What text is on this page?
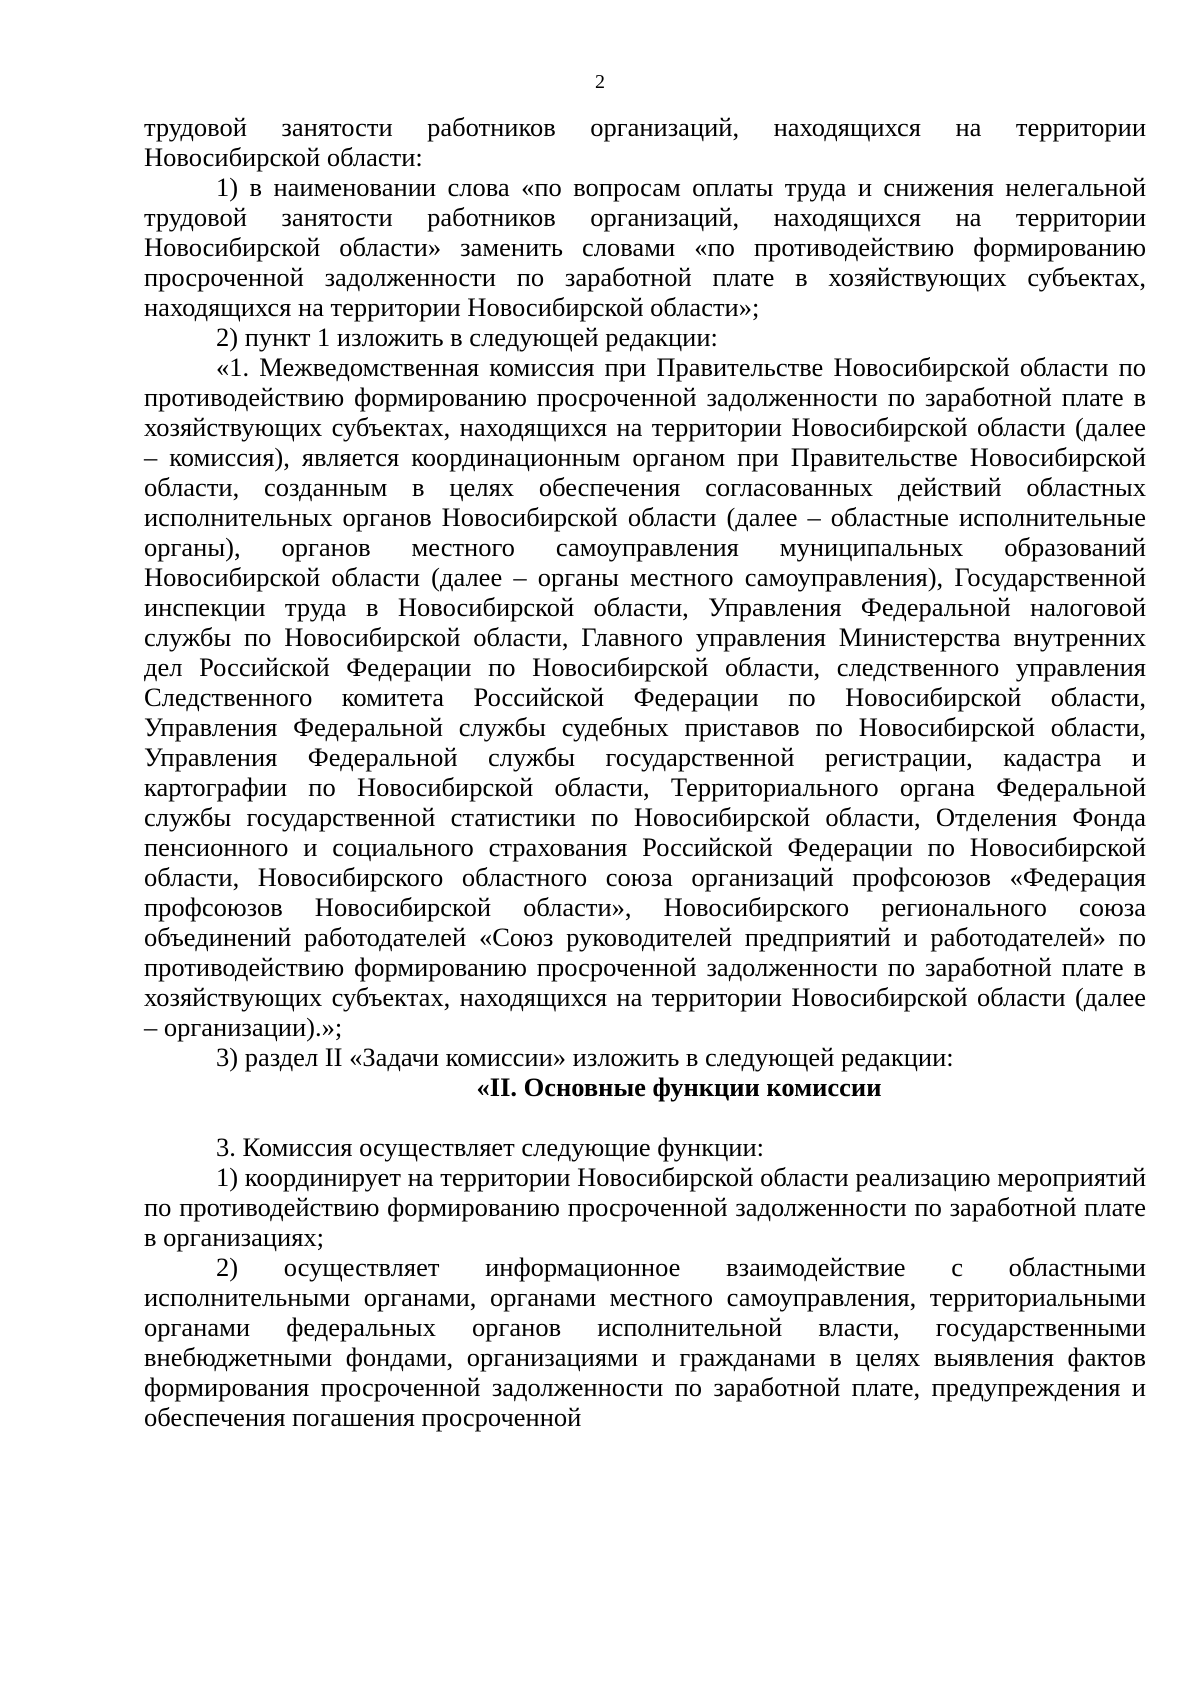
2

трудовой занятости работников организаций, находящихся на территории Новосибирской области:

1) в наименовании слова «по вопросам оплаты труда и снижения нелегальной трудовой занятости работников организаций, находящихся на территории Новосибирской области» заменить словами «по противодействию формированию просроченной задолженности по заработной плате в хозяйствующих субъектах, находящихся на территории Новосибирской области»;

2) пункт 1 изложить в следующей редакции:

«1. Межведомственная комиссия при Правительстве Новосибирской области по противодействию формированию просроченной задолженности по заработной плате в хозяйствующих субъектах, находящихся на территории Новосибирской области (далее – комиссия), является координационным органом при Правительстве Новосибирской области, созданным в целях обеспечения согласованных действий областных исполнительных органов Новосибирской области (далее – областные исполнительные органы), органов местного самоуправления муниципальных образований Новосибирской области (далее – органы местного самоуправления), Государственной инспекции труда в Новосибирской области, Управления Федеральной налоговой службы по Новосибирской области, Главного управления Министерства внутренних дел Российской Федерации по Новосибирской области, следственного управления Следственного комитета Российской Федерации по Новосибирской области, Управления Федеральной службы судебных приставов по Новосибирской области, Управления Федеральной службы государственной регистрации, кадастра и картографии по Новосибирской области, Территориального органа Федеральной службы государственной статистики по Новосибирской области, Отделения Фонда пенсионного и социального страхования Российской Федерации по Новосибирской области, Новосибирского областного союза организаций профсоюзов «Федерация профсоюзов Новосибирской области», Новосибирского регионального союза объединений работодателей «Союз руководителей предприятий и работодателей» по противодействию формированию просроченной задолженности по заработной плате в хозяйствующих субъектах, находящихся на территории Новосибирской области (далее – организации).»;

3) раздел II «Задачи комиссии» изложить в следующей редакции:

«II. Основные функции комиссии

3. Комиссия осуществляет следующие функции:

1) координирует на территории Новосибирской области реализацию мероприятий по противодействию формированию просроченной задолженности по заработной плате в организациях;

2) осуществляет информационное взаимодействие с областными исполнительными органами, органами местного самоуправления, территориальными органами федеральных органов исполнительной власти, государственными внебюджетными фондами, организациями и гражданами в целях выявления фактов формирования просроченной задолженности по заработной плате, предупреждения и обеспечения погашения просроченной
